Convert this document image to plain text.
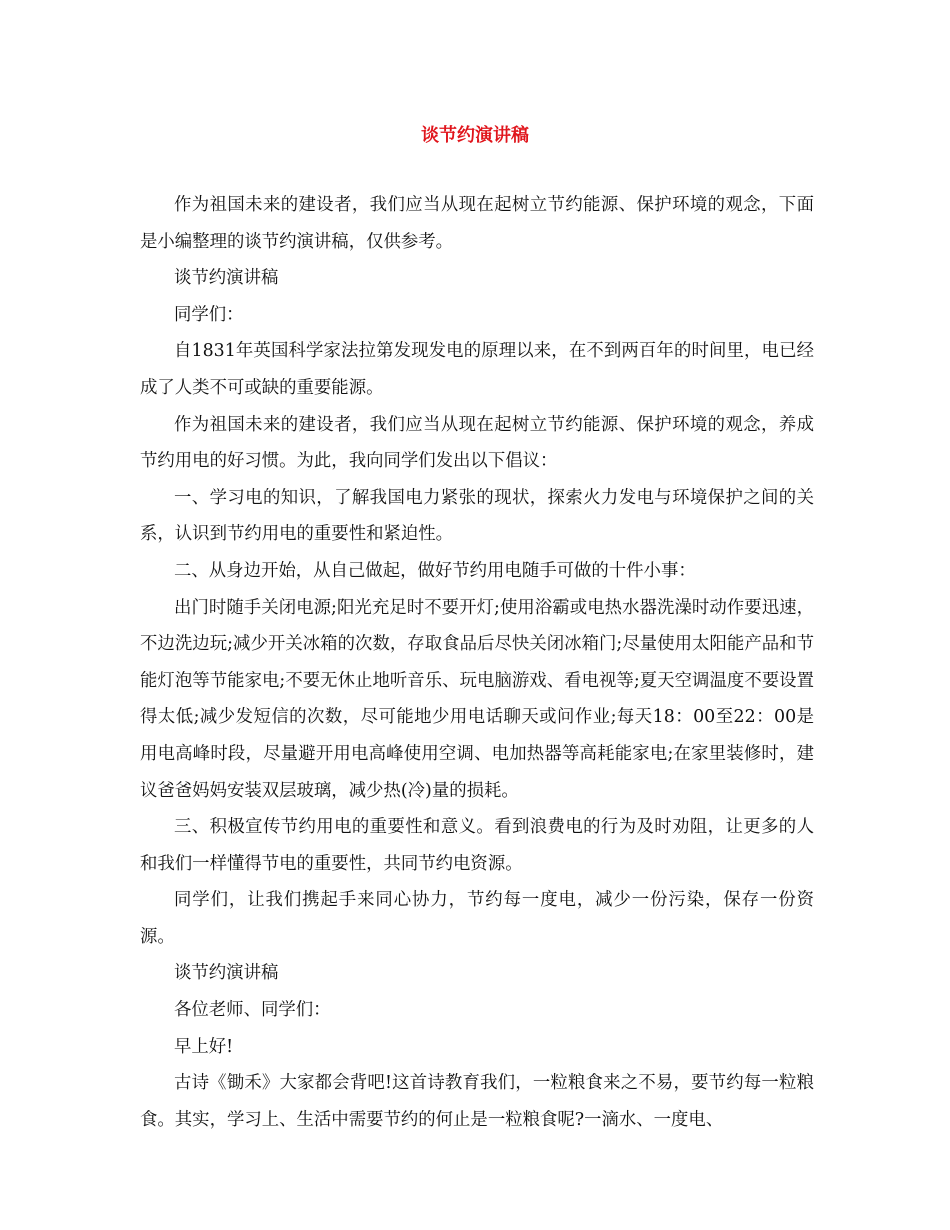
谈节约演讲稿

作为祖国未来的建设者，我们应当从现在起树立节约能源、保护环境的观念，下面是小编整理的谈节约演讲稿，仅供参考。

谈节约演讲稿

同学们：

自1831年英国科学家法拉第发现发电的原理以来，在不到两百年的时间里，电已经成了人类不可或缺的重要能源。

作为祖国未来的建设者，我们应当从现在起树立节约能源、保护环境的观念，养成节约用电的好习惯。为此，我向同学们发出以下倡议：

一、学习电的知识，了解我国电力紧张的现状，探索火力发电与环境保护之间的关系，认识到节约用电的重要性和紧迫性。

二、从身边开始，从自己做起，做好节约用电随手可做的十件小事：

出门时随手关闭电源;阳光充足时不要开灯;使用浴霸或电热水器洗澡时动作要迅速，不边洗边玩;减少开关冰箱的次数，存取食品后尽快关闭冰箱门;尽量使用太阳能产品和节能灯泡等节能家电;不要无休止地听音乐、玩电脑游戏、看电视等;夏天空调温度不要设置得太低;减少发短信的次数，尽可能地少用电话聊天或问作业;每天18：00至22：00是用电高峰时段，尽量避开用电高峰使用空调、电加热器等高耗能家电;在家里装修时，建议爸爸妈妈安装双层玻璃，减少热(冷)量的损耗。

三、积极宣传节约用电的重要性和意义。看到浪费电的行为及时劝阻，让更多的人和我们一样懂得节电的重要性，共同节约电资源。

同学们，让我们携起手来同心协力，节约每一度电，减少一份污染，保存一份资源。

谈节约演讲稿

各位老师、同学们：

早上好!

古诗《锄禾》大家都会背吧!这首诗教育我们，一粒粮食来之不易，要节约每一粒粮食。其实，学习上、生活中需要节约的何止是一粒粮食呢?一滴水、一度电、
